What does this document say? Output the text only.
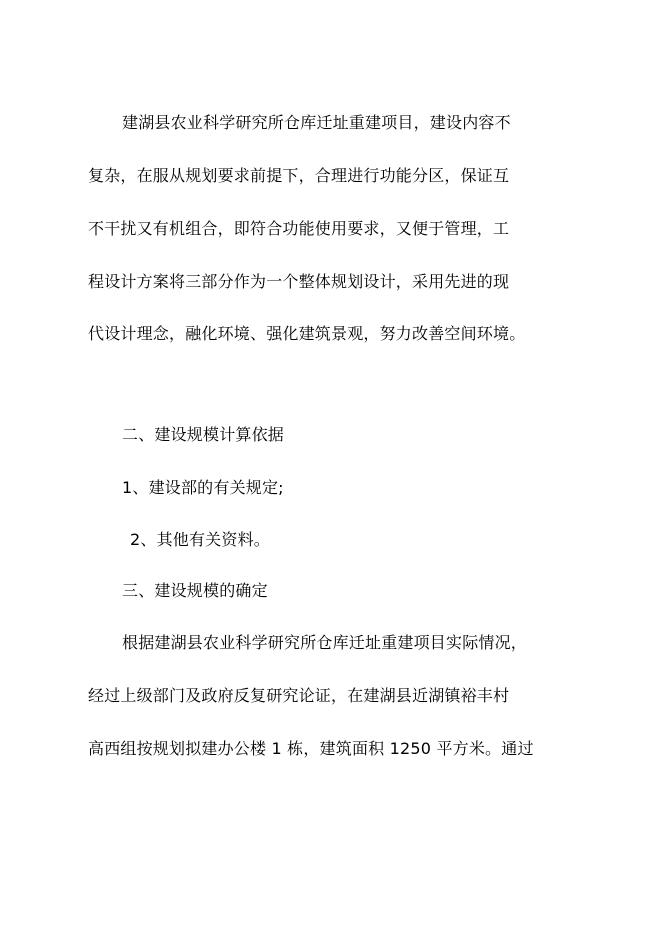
建湖县农业科学研究所仓库迁址重建项目，建设内容不
复杂，在服从规划要求前提下，合理进行功能分区，保证互
不干扰又有机组合，即符合功能使用要求，又便于管理，工
程设计方案将三部分作为一个整体规划设计，采用先进的现
代设计理念，融化环境、强化建筑景观，努力改善空间环境。
二、建设规模计算依据
1、建设部的有关规定;
2、其他有关资料。
三、建设规模的确定
根据建湖县农业科学研究所仓库迁址重建项目实际情况，
经过上级部门及政府反复研究论证，在建湖县近湖镇裕丰村
高西组按规划拟建办公楼 1 栋，建筑面积 1250 平方米。通过
